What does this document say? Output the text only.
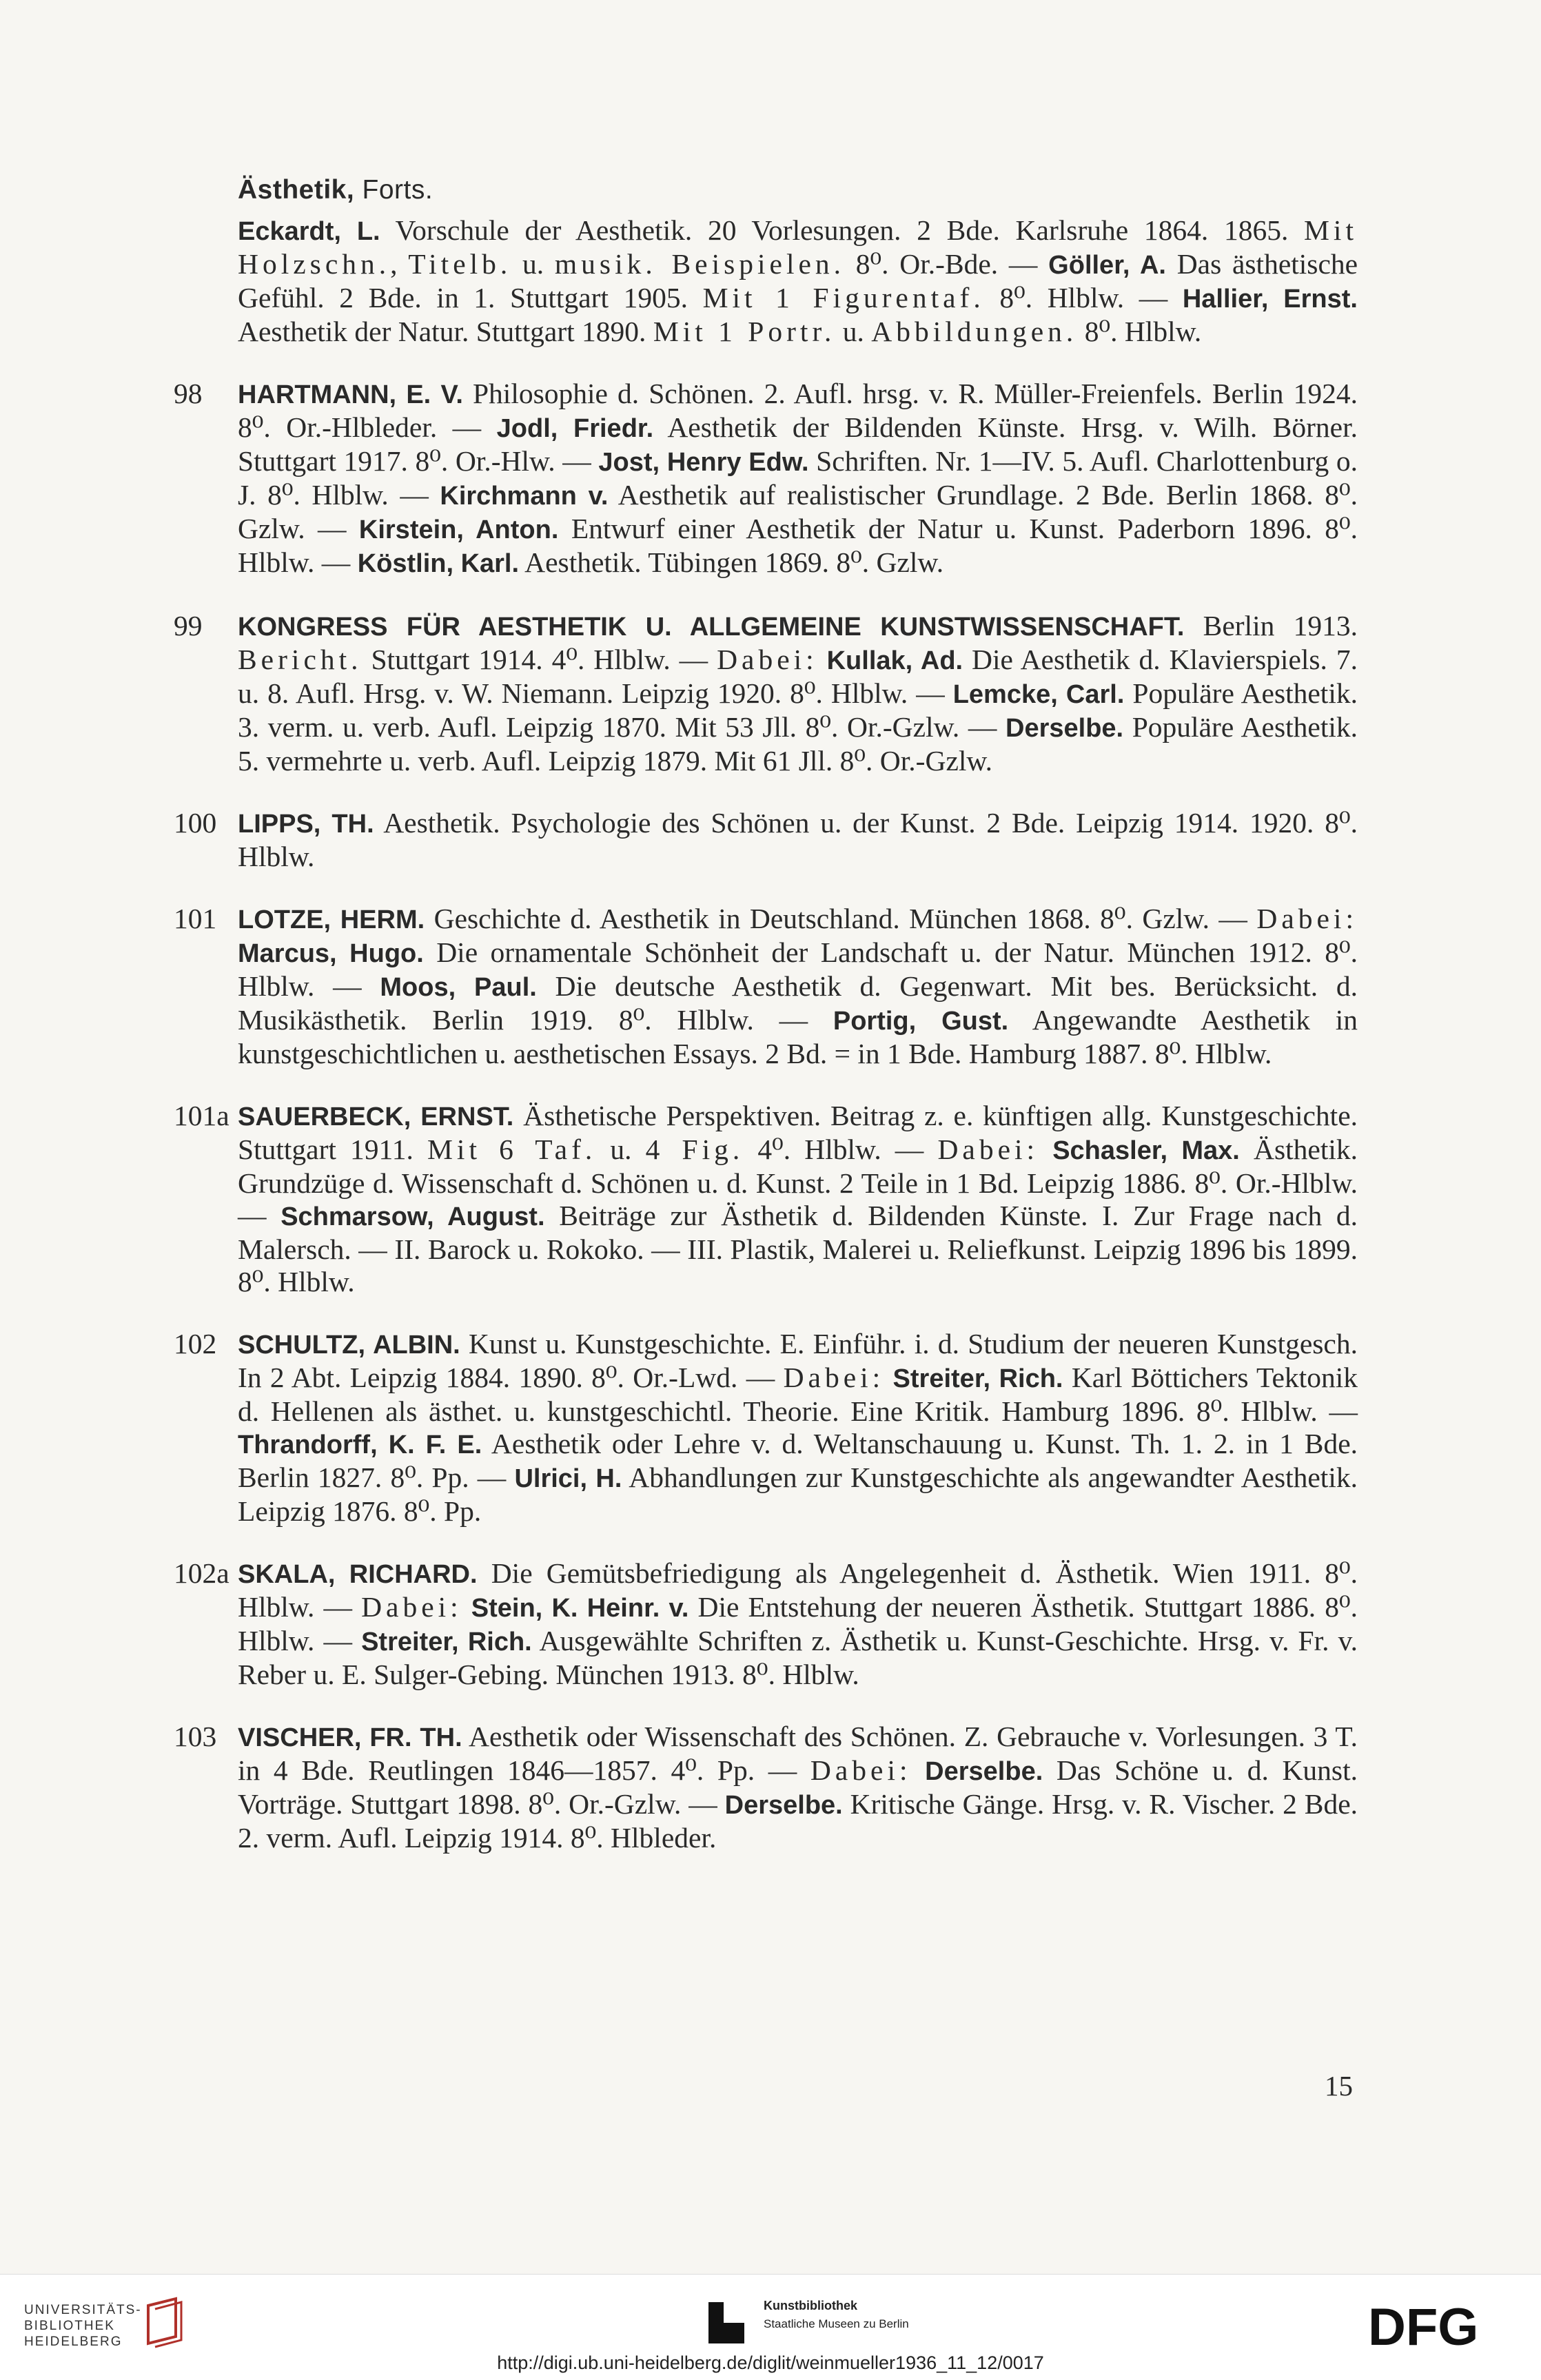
Ästhetik, Forts.
Eckardt, L. Vorschule der Aesthetik. 20 Vorlesungen. 2 Bde. Karlsruhe 1864. 1865. Mit Holzschn., Titelb. u. musik. Beispielen. 8⁰. Or.-Bde. — Göller, A. Das ästhetische Gefühl. 2 Bde. in 1. Stuttgart 1905. Mit 1 Figurentaf. 8⁰. Hlblw. — Hallier, Ernst. Aesthetik der Natur. Stuttgart 1890. Mit 1 Portr. u. Abbildungen. 8⁰. Hlblw.
98	HARTMANN, E. V. Philosophie d. Schönen. 2. Aufl. hrsg. v. R. Müller-Freienfels. Berlin 1924. 8⁰. Or.-Hlbleder. — Jodl, Friedr. Aesthetik der Bildenden Künste. Hrsg. v. Wilh. Börner. Stuttgart 1917. 8⁰. Or.-Hlw. — Jost, Henry Edw. Schriften. Nr. 1—IV. 5. Aufl. Charlottenburg o. J. 8⁰. Hlblw. — Kirchmann v. Aesthetik auf realistischer Grundlage. 2 Bde. Berlin 1868. 8⁰. Gzlw. — Kirstein, Anton. Entwurf einer Aesthetik der Natur u. Kunst. Paderborn 1896. 8⁰. Hlblw. — Köstlin, Karl. Aesthetik. Tübingen 1869. 8⁰. Gzlw.
99	KONGRESS FÜR AESTHETIK U. ALLGEMEINE KUNSTWISSENSCHAFT. Berlin 1913. Bericht. Stuttgart 1914. 4⁰. Hlblw. — Dabei: Kullak, Ad. Die Aesthetik d. Klavierspiels. 7. u. 8. Aufl. Hrsg. v. W. Niemann. Leipzig 1920. 8⁰. Hlblw. — Lemcke, Carl. Populäre Aesthetik. 3. verm. u. verb. Aufl. Leipzig 1870. Mit 53 Jll. 8⁰. Or.-Gzlw. — Derselbe. Populäre Aesthetik. 5. vermehrte u. verb. Aufl. Leipzig 1879. Mit 61 Jll. 8⁰. Or.-Gzlw.
100 LIPPS, TH. Aesthetik. Psychologie des Schönen u. der Kunst. 2 Bde. Leipzig 1914. 1920. 8⁰. Hlblw.
101 LOTZE, HERM. Geschichte d. Aesthetik in Deutschland. München 1868. 8⁰. Gzlw. — Dabei: Marcus, Hugo. Die ornamentale Schönheit der Landschaft u. der Natur. München 1912. 8⁰. Hlblw. — Moos, Paul. Die deutsche Aesthetik d. Gegenwart. Mit bes. Berücksicht. d. Musikästhetik. Berlin 1919. 8⁰. Hlblw. — Portig, Gust. Angewandte Aesthetik in kunstgeschichtlichen u. aesthetischen Essays. 2 Bd. = in 1 Bde. Hamburg 1887. 8⁰. Hlblw.
101a SAUERBECK, ERNST. Ästhetische Perspektiven. Beitrag z. e. künftigen allg. Kunstgeschichte. Stuttgart 1911. Mit 6 Taf. u. 4 Fig. 4⁰. Hlblw. — Dabei: Schasler, Max. Ästhetik. Grundzüge d. Wissenschaft d. Schönen u. d. Kunst. 2 Teile in 1 Bd. Leipzig 1886. 8⁰. Or.-Hlblw. — Schmarsow, August. Beiträge zur Ästhetik d. Bildenden Künste. I. Zur Frage nach d. Malersch. — II. Barock u. Rokoko. — III. Plastik, Malerei u. Reliefkunst. Leipzig 1896 bis 1899. 8⁰. Hlblw.
102 SCHULTZ, ALBIN. Kunst u. Kunstgeschichte. E. Einführ. i. d. Studium der neueren Kunstgesch. In 2 Abt. Leipzig 1884. 1890. 8⁰. Or.-Lwd. — Dabei: Streiter, Rich. Karl Böttichers Tektonik d. Hellenen als ästhet. u. kunstgeschichtl. Theorie. Eine Kritik. Hamburg 1896. 8⁰. Hlblw. — Thrandorff, K. F. E. Aesthetik oder Lehre v. d. Weltanschauung u. Kunst. Th. 1. 2. in 1 Bde. Berlin 1827. 8⁰. Pp. — Ulrici, H. Abhandlungen zur Kunstgeschichte als angewandter Aesthetik. Leipzig 1876. 8⁰. Pp.
102a SKALA, RICHARD. Die Gemütsbefriedigung als Angelegenheit d. Ästhetik. Wien 1911. 8⁰. Hlblw. — Dabei: Stein, K. Heinr. v. Die Entstehung der neueren Ästhetik. Stuttgart 1886. 8⁰. Hlblw. — Streiter, Rich. Ausgewählte Schriften z. Ästhetik u. Kunst-Geschichte. Hrsg. v. Fr. v. Reber u. E. Sulger-Gebing. München 1913. 8⁰. Hlblw.
103 VISCHER, FR. TH. Aesthetik oder Wissenschaft des Schönen. Z. Gebrauche v. Vorlesungen. 3 T. in 4 Bde. Reutlingen 1846—1857. 4⁰. Pp. — Dabei: Derselbe. Das Schöne u. d. Kunst. Vorträge. Stuttgart 1898. 8⁰. Or.-Gzlw. — Derselbe. Kritische Gänge. Hrsg. v. R. Vischer. 2 Bde. 2. verm. Aufl. Leipzig 1914. 8⁰. Hlbleder.
15
UNIVERSITÄTS-
BIBLIOTHEK
HEIDELBERG
Kunstbibliothek
Staatliche Museen zu Berlin	DFG
http://digi.ub.uni-heidelberg.de/diglit/weinmueller1936_11_12/0017
